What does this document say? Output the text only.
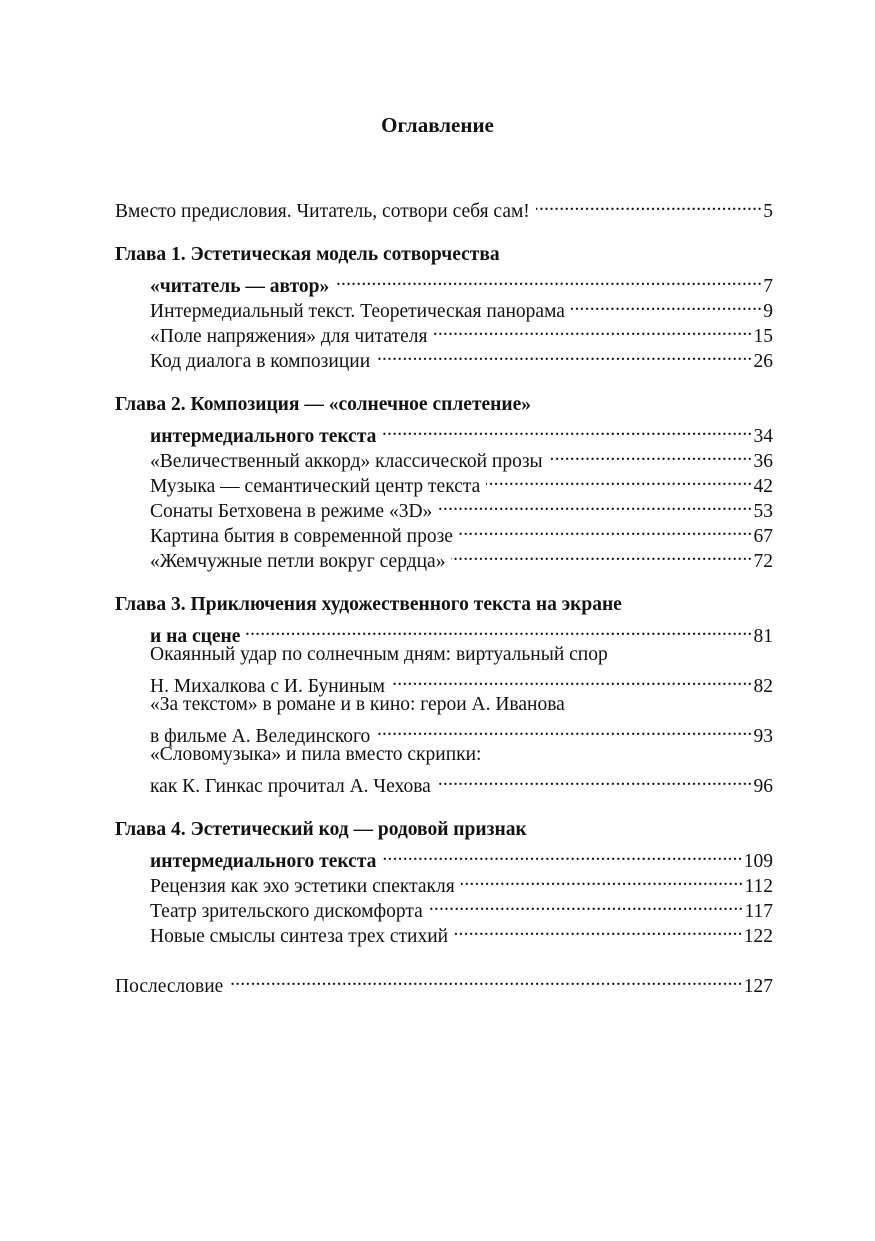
Оглавление
Вместо предисловия. Читатель, сотвори себя сам! .....	5
Глава 1. Эстетическая модель сотворчества
«читатель — автор» .....	7
Интермедиальный текст. Теоретическая панорама .....	9
«Поле напряжения» для читателя .....	15
Код диалога в композиции .....	26
Глава 2. Композиция — «солнечное сплетение»
интермедиального текста .....	34
«Величественный аккорд» классической прозы .....	36
Музыка — семантический центр текста .....	42
Сонаты Бетховена в режиме «3D» .....	53
Картина бытия в современной прозе .....	67
«Жемчужные петли вокруг сердца» .....	72
Глава 3. Приключения художественного текста на экране
и на сцене .....	81
Окаянный удар по солнечным дням: виртуальный спор
Н. Михалкова с И. Буниным .....	82
«За текстом» в романе и в кино: герои А. Иванова
в фильме А. Велединского .....	93
«Словомузыка» и пила вместо скрипки:
как К. Гинкас прочитал А. Чехова .....	96
Глава 4. Эстетический код — родовой признак
интермедиального текста .....	109
Рецензия как эхо эстетики спектакля .....	112
Театр зрительского дискомфорта .....	117
Новые смыслы синтеза трех стихий .....	122
Послесловие .....	127
